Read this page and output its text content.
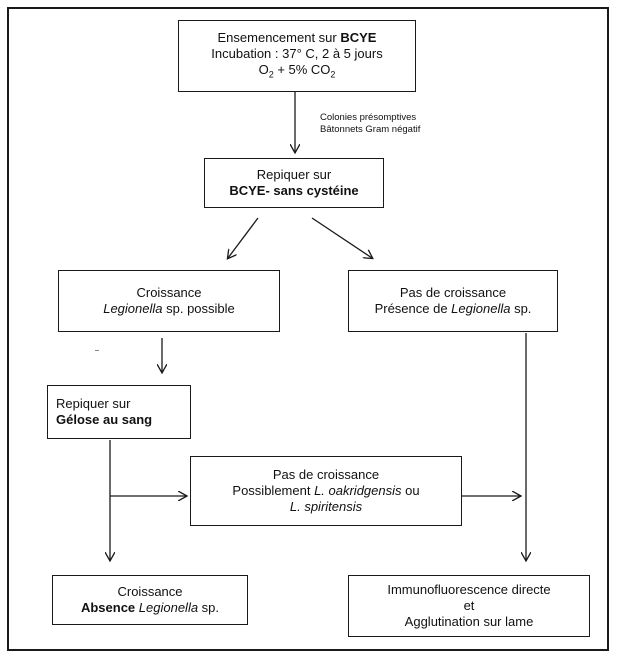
Ensemencement sur BCYE
Incubation : 37° C, 2 à 5 jours
$O_2 + 5\%$ $CO_2$
Colonies présomptives
Bâtonnets Gram négatif
Repiquer sur
BCYE- sans cystéine
Croissance
Legionella sp. possible
Pas de croissance
Présence de Legionella sp.
Repiquer sur
Gélose au sang
Pas de croissance
Possiblement L. oakridgensis ou
L. spiritensis
Croissance
Absence Legionella sp.
Immunofluorescence directe
et
Agglutination sur lame
